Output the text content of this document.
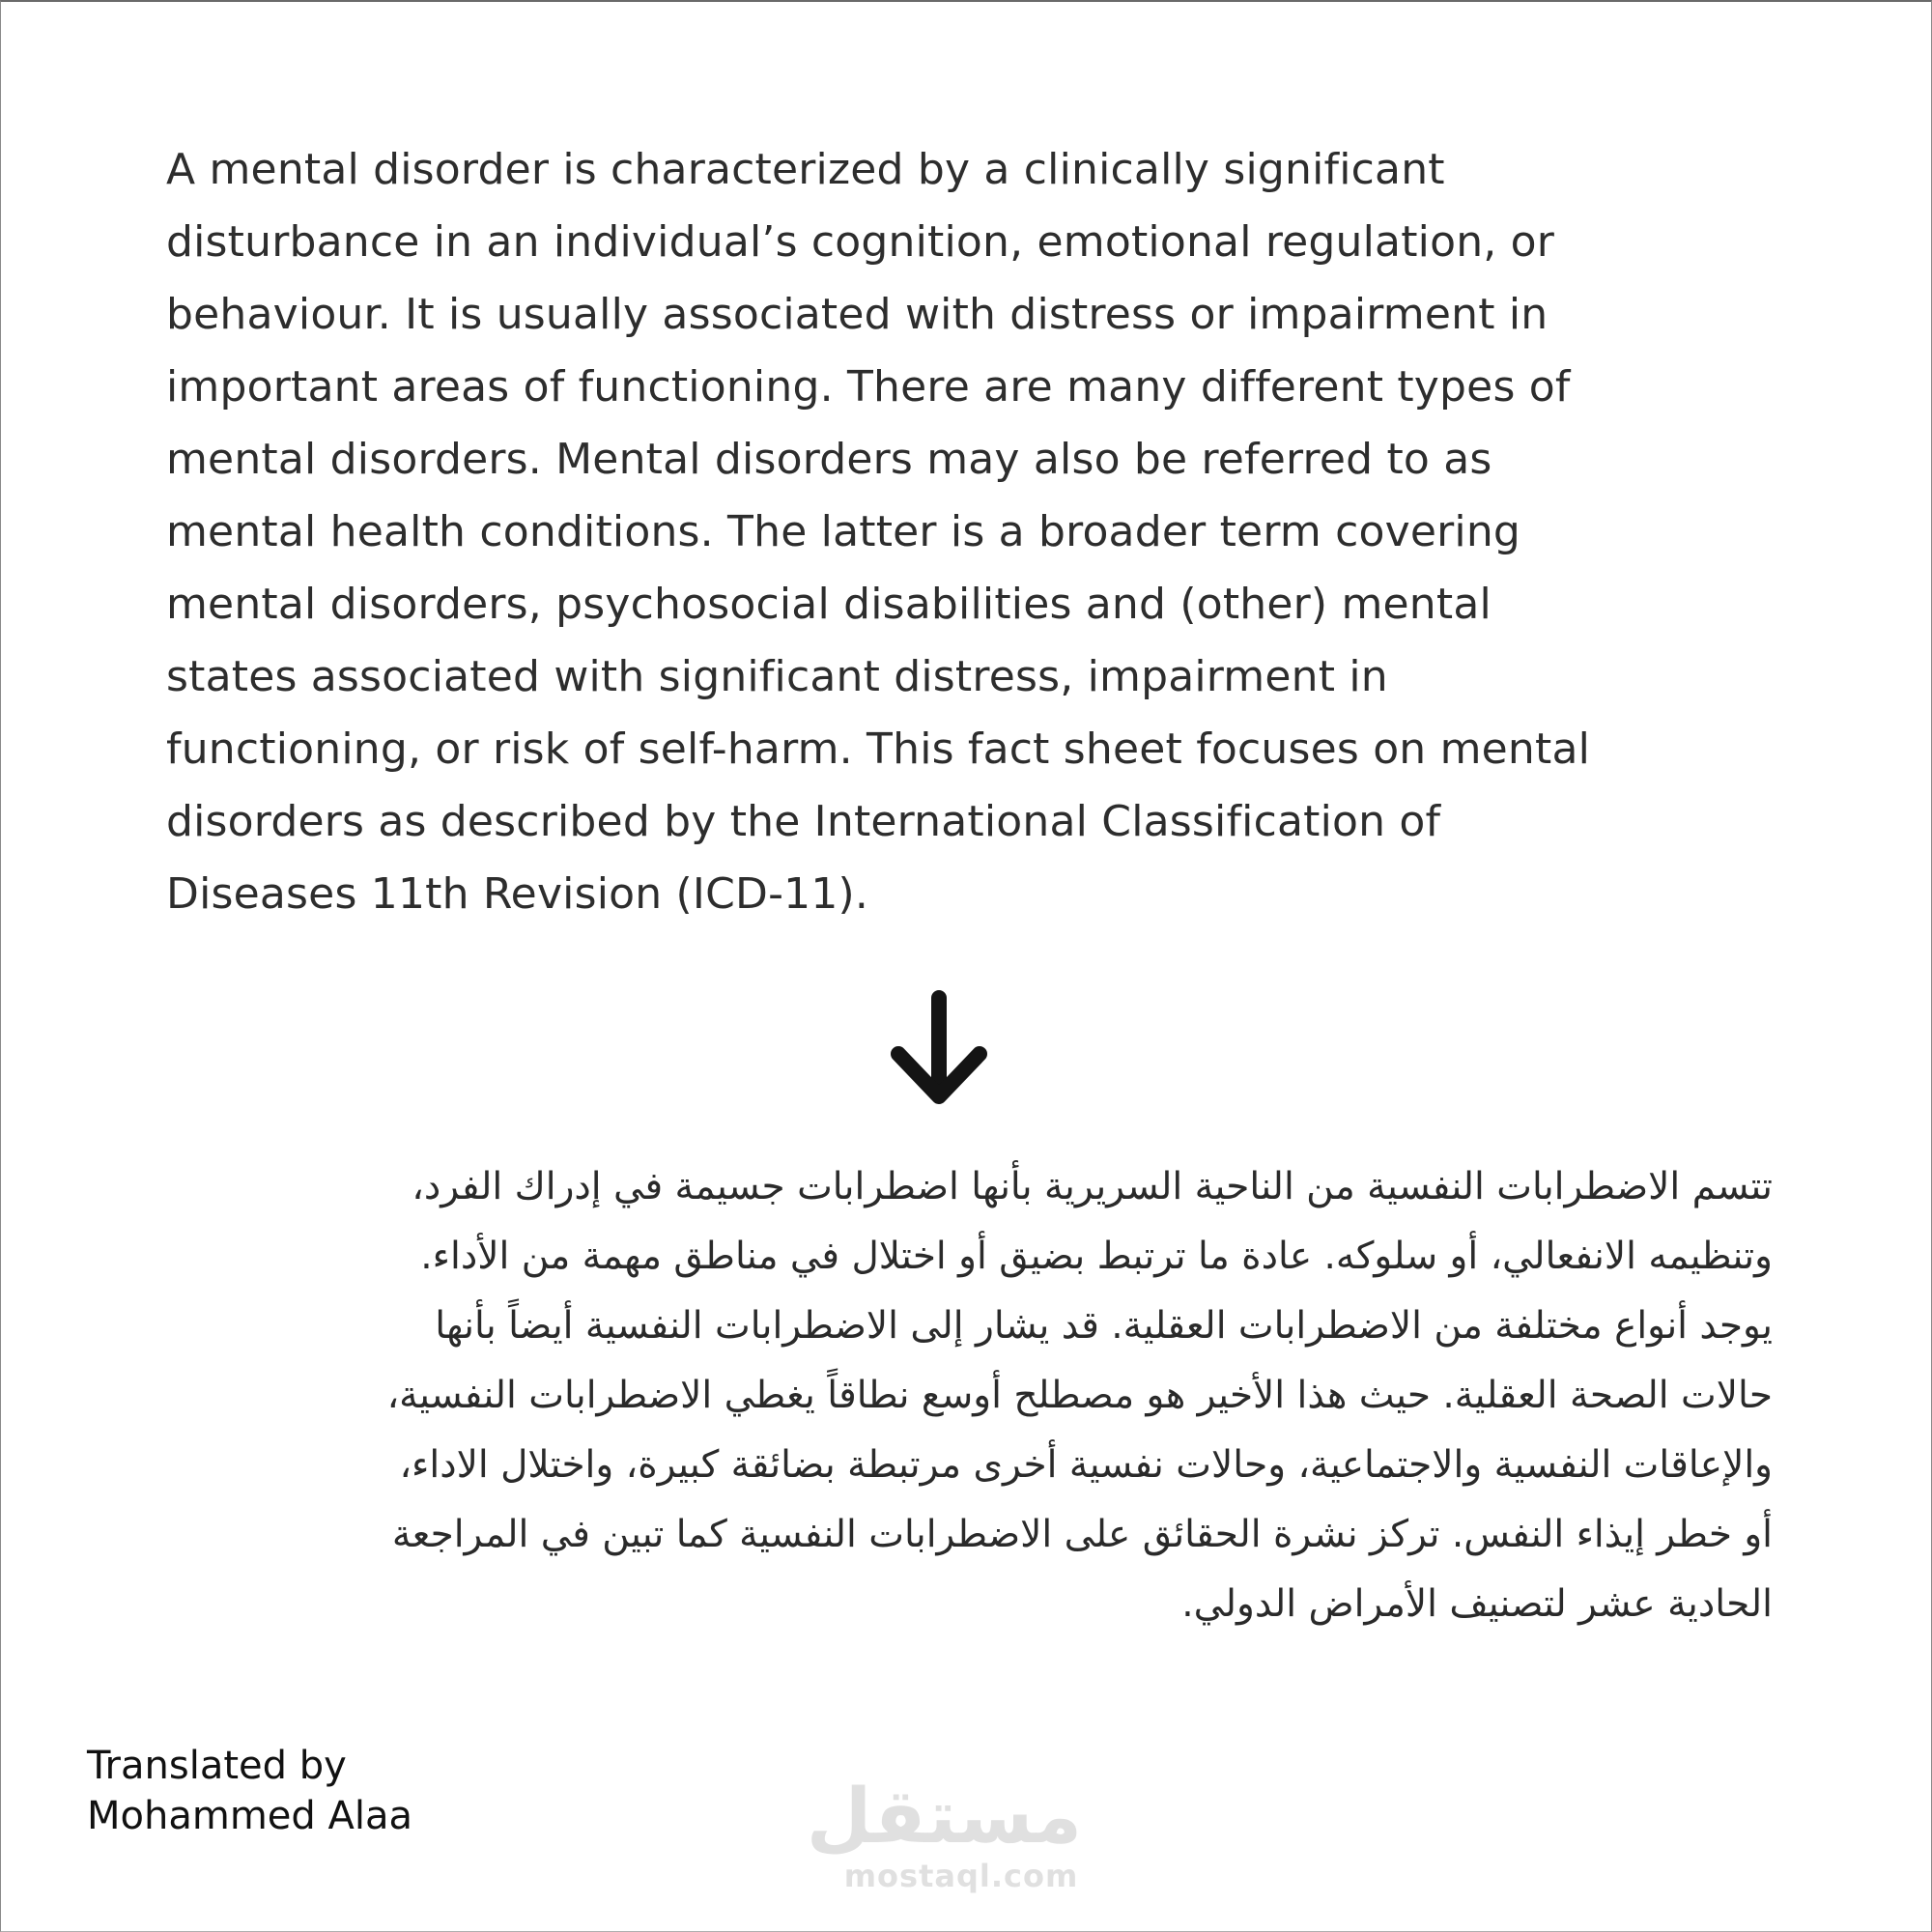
A mental disorder is characterized by a clinically significant
disturbance in an individual’s cognition, emotional regulation, or
behaviour. It is usually associated with distress or impairment in
important areas of functioning. There are many different types of
mental disorders. Mental disorders may also be referred to as
mental health conditions. The latter is a broader term covering
mental disorders, psychosocial disabilities and (other) mental
states associated with significant distress, impairment in
functioning, or risk of self-harm. This fact sheet focuses on mental
disorders as described by the International Classification of
Diseases 11th Revision (ICD-11).

تتسم الاضطرابات النفسية من الناحية السريرية بأنها اضطرابات جسيمة في إدراك الفرد،
وتنظيمه الانفعالي، أو سلوكه. عادة ما ترتبط بضيق أو اختلال في مناطق مهمة من الأداء.
يوجد أنواع مختلفة من الاضطرابات العقلية. قد يشار إلى الاضطرابات النفسية أيضاً بأنها
حالات الصحة العقلية. حيث هذا الأخير هو مصطلح أوسع نطاقاً يغطي الاضطرابات النفسية،
والإعاقات النفسية والاجتماعية، وحالات نفسية أخرى مرتبطة بضائقة كبيرة، واختلال الاداء،
أو خطر إيذاء النفس. تركز نشرة الحقائق على الاضطرابات النفسية كما تبين في المراجعة
الحادية عشر لتصنيف الأمراض الدولي.

Translated by
Mohammed Alaa	مستقل
mostaql.com
